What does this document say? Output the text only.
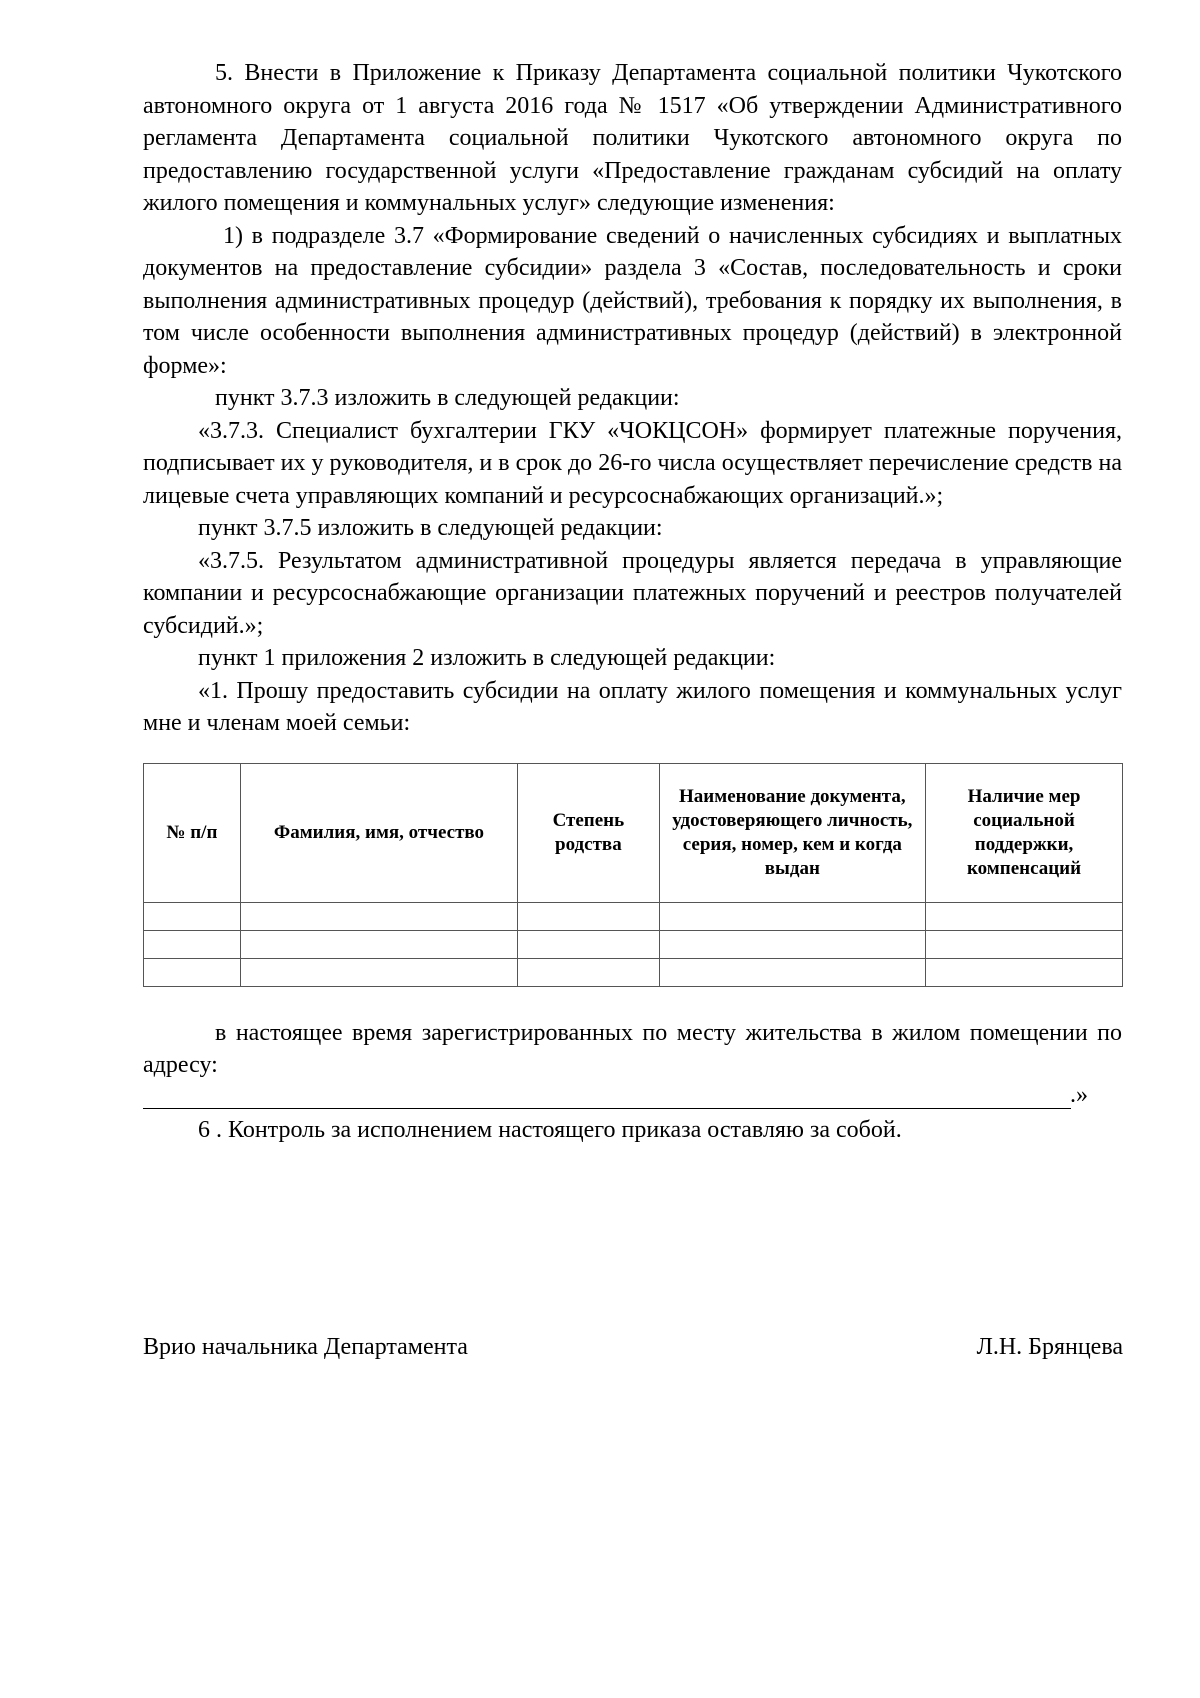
5. Внести в Приложение к Приказу Департамента социальной политики Чукотского автономного округа от 1 августа 2016 года № 1517 «Об утверждении Административного регламента Департамента социальной политики Чукотского автономного округа по предоставлению государственной услуги «Предоставление гражданам субсидий на оплату жилого помещения и коммунальных услуг» следующие изменения:

1) в подразделе 3.7 «Формирование сведений о начисленных субсидиях и выплатных документов на предоставление субсидии» раздела 3 «Состав, последовательность и сроки выполнения административных процедур (действий), требования к порядку их выполнения, в том числе особенности выполнения административных процедур (действий) в электронной форме»:

пункт 3.7.3 изложить в следующей редакции:

«3.7.3. Специалист бухгалтерии ГКУ «ЧОКЦСОН» формирует платежные поручения, подписывает их у руководителя, и в срок до 26-го числа осуществляет перечисление средств на лицевые счета управляющих компаний и ресурсоснабжающих организаций.»;

пункт 3.7.5 изложить в следующей редакции:

«3.7.5. Результатом административной процедуры является передача в управляющие компании и ресурсоснабжающие организации платежных поручений и реестров получателей субсидий.»;

пункт 1 приложения 2 изложить в следующей редакции:

«1. Прошу предоставить субсидии на оплату жилого помещения и коммунальных услуг мне и членам моей семьи:

№ п/п	Фамилия, имя, отчество	Степень родства	Наименование документа, удостоверяющего личность, серия, номер, кем и когда выдан	Наличие мер социальной поддержки, компенсаций

в настоящее время зарегистрированных по месту жительства в жилом помещении по адресу:

.»

6 . Контроль за исполнением настоящего приказа оставляю за собой.

Врио начальника Департамента	Л.Н. Брянцева
